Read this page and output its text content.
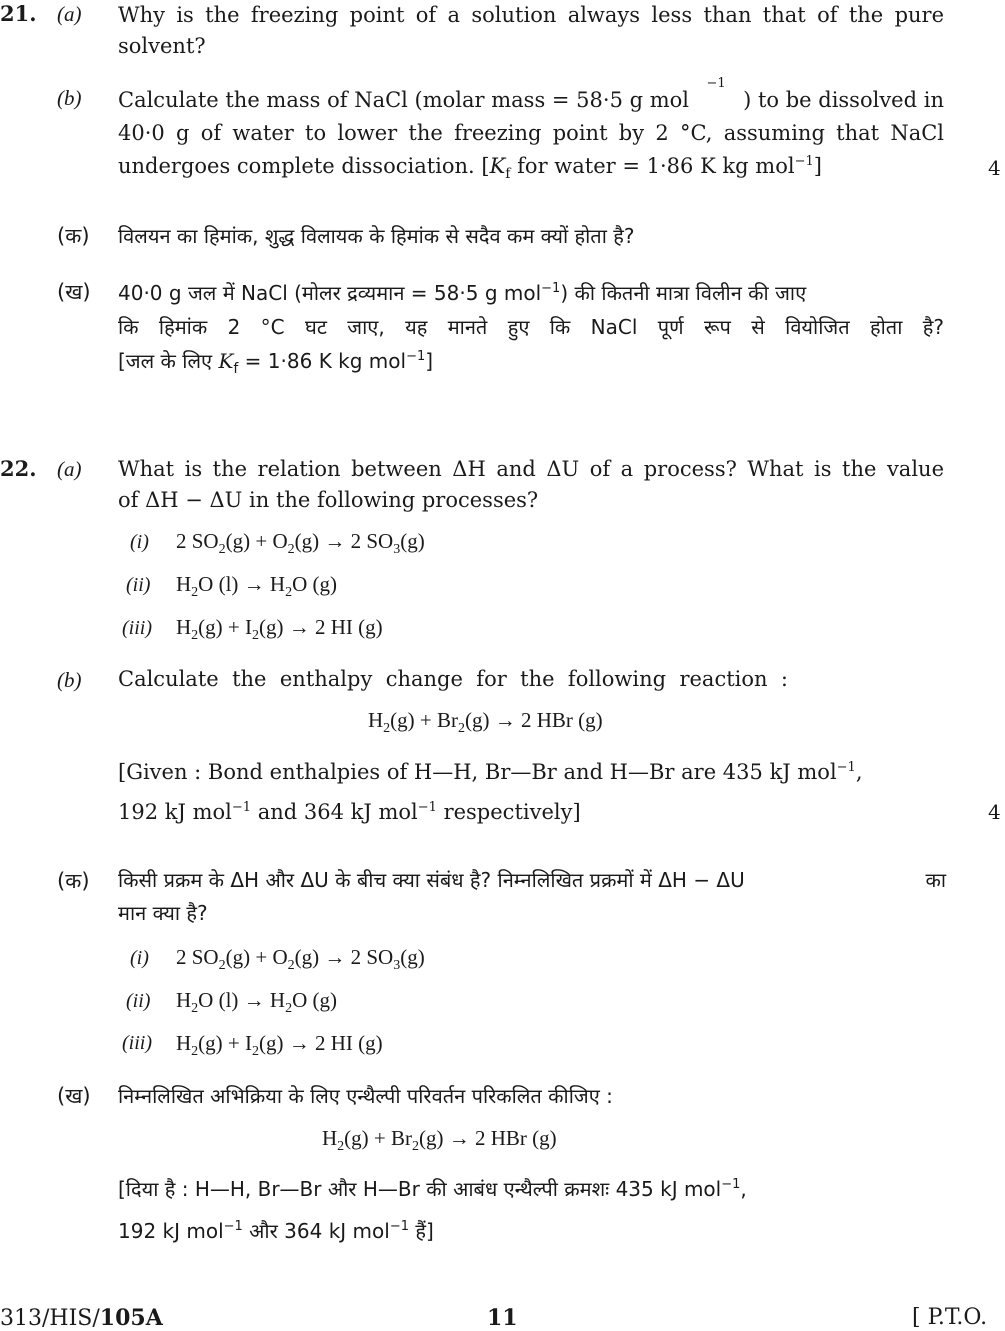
21. (a) Why is the freezing point of a solution always less than that of the pure
solvent?
(b) Calculate the mass of NaCl (molar mass = 58·5 g mol
−1
) to be dissolved in
40·0 g of water to lower the freezing point by 2 °C, assuming that NaCl
undergoes complete dissociation. [$K_f$ for water = 1·86 K kg mol$^{-1}$]	4
(क) विलयन का हिमांक, शुद्ध विलायक के हिमांक से सदैव कम क्यों होता है?
(ख) 40·0 g जल में NaCl (मोलर द्रव्यमान = 58·5 g mol$^{-1}$) की कितनी मात्रा विलीन की जाए
कि हिमांक 2 °C घट जाए, यह मानते हुए कि NaCl पूर्ण रूप से वियोजित होता है?
[जल के लिए $K_f = 1\cdot 86$ K kg mol$^{-1}$]
22. (a) What is the relation between ΔH and ΔU of a process? What is the value
of ΔH − ΔU in the following processes?
(i) 2 $SO_2(g) + O_2(g) \to 2$ $SO_3(g)$
(ii) $H_2O$ $(l) \to H_2O$ (g)
(iii) $H_2(g) + I_2(g) \to 2$ HI (g)
(b) Calculate the enthalpy change for the following reaction :
$H_2(g) + Br_2(g) \to 2$ HBr (g)
[Given : Bond enthalpies of H—H, Br—Br and H—Br are 435 kJ mol$^{-1}$,
192 kJ mol$^{-1}$ and 364 kJ mol$^{-1}$ respectively]	4
(क) किसी प्रक्रम के ΔH और ΔU के बीच क्या संबंध है? निम्नलिखित प्रक्रमों में ΔH − ΔU	का
मान क्या है?
(i) 2 $SO_2(g) + O_2(g) \to 2$ $SO_3(g)$
(ii) $H_2O$ $(l) \to H_2O$ (g)
(iii) $H_2(g) + I_2(g) \to 2$ HI (g)
(ख) निम्नलिखित अभिक्रिया के लिए एन्थैल्पी परिवर्तन परिकलित कीजिए :
$H_2(g) + Br_2(g) \to 2$ HBr (g)
[दिया है : H—H, Br—Br और H—Br की आबंध एन्थैल्पी क्रमशः 435 kJ mol$^{-1}$,
192 kJ mol$^{-1}$ और 364 kJ mol$^{-1}$ हैं]
313/HIS/105A	11	[ P.T.O.
